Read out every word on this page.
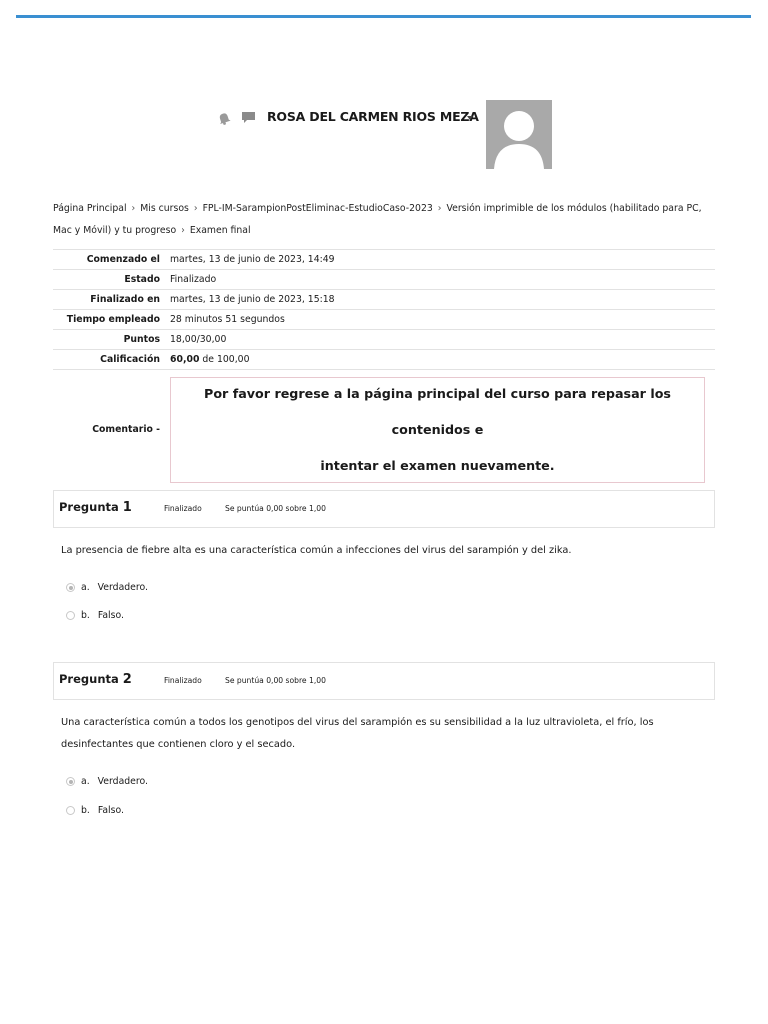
ROSA DEL CARMEN RIOS MEZA
Página Principal › Mis cursos › FPL-IM-SarampionPostEliminac-EstudioCaso-2023 › Versión imprimible de los módulos (habilitado para PC, Mac y Móvil) y tu progreso › Examen final
Comenzado el	martes, 13 de junio de 2023, 14:49
Estado	Finalizado
Finalizado en	martes, 13 de junio de 2023, 15:18
Tiempo empleado	28 minutos 51 segundos
Puntos	18,00/30,00
Calificación	60,00 de 100,00
Comentario -	Por favor regrese a la página principal del curso para repasar los contenidos e
intentar el examen nuevamente.
Pregunta 1	Finalizado	Se puntúa 0,00 sobre 1,00
La presencia de fiebre alta es una característica común a infecciones del virus del sarampión y del zika.
a. Verdadero.
b. Falso.
Pregunta 2	Finalizado	Se puntúa 0,00 sobre 1,00
Una característica común a todos los genotipos del virus del sarampión es su sensibilidad a la luz ultravioleta, el frío, los desinfectantes que contienen cloro y el secado.
a. Verdadero.
b. Falso.
